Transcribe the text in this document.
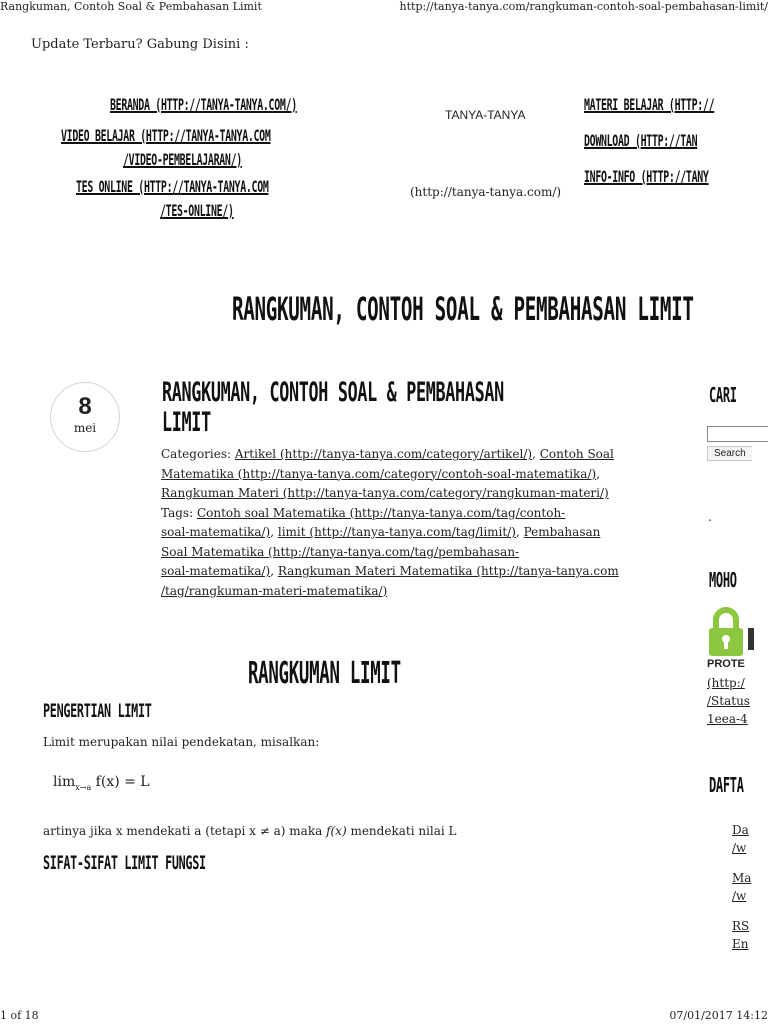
Rangkuman, Contoh Soal & Pembahasan Limit	http://tanya-tanya.com/rangkuman-contoh-soal-pembahasan-limit/
Update Terbaru? Gabung Disini :
BERANDA (HTTP://TANYA-TANYA.COM/)
VIDEO BELAJAR (HTTP://TANYA-TANYA.COM
/VIDEO-PEMBELAJARAN/)
TES ONLINE (HTTP://TANYA-TANYA.COM
/TES-ONLINE/)
MATERI BELAJAR (HTTP://
DOWNLOAD (HTTP://TAN
INFO-INFO (HTTP://TANY
TANYA-TANYA
(http://tanya-tanya.com/)
RANGKUMAN, CONTOH SOAL & PEMBAHASAN LIMIT
8
mei
RANGKUMAN, CONTOH SOAL & PEMBAHASAN
LIMIT
Categories: Artikel (http://tanya-tanya.com/category/artikel/), Contoh Soal
Matematika (http://tanya-tanya.com/category/contoh-soal-matematika/),
Rangkuman Materi (http://tanya-tanya.com/category/rangkuman-materi/)
Tags: Contoh soal Matematika (http://tanya-tanya.com/tag/contoh-
soal-matematika/), limit (http://tanya-tanya.com/tag/limit/), Pembahasan
Soal Matematika (http://tanya-tanya.com/tag/pembahasan-
soal-matematika/), Rangkuman Materi Matematika (http://tanya-tanya.com
/tag/rangkuman-materi-matematika/)
RANGKUMAN LIMIT
PENGERTIAN LIMIT

Limit merupakan nilai pendekatan, misalkan:

$\lim_{x\to a} f(x) = L$

artinya jika x mendekati a (tetapi x ≠ a) maka f(x) mendekati nilai L

SIFAT-SIFAT LIMIT FUNGSI
CARI
Search
.
MOHO
PROTE
(http:/
/Status
1eea-4
DAFTA
Da
/w
Ma
/w
RS
En
1 of 18	07/01/2017 14:12
